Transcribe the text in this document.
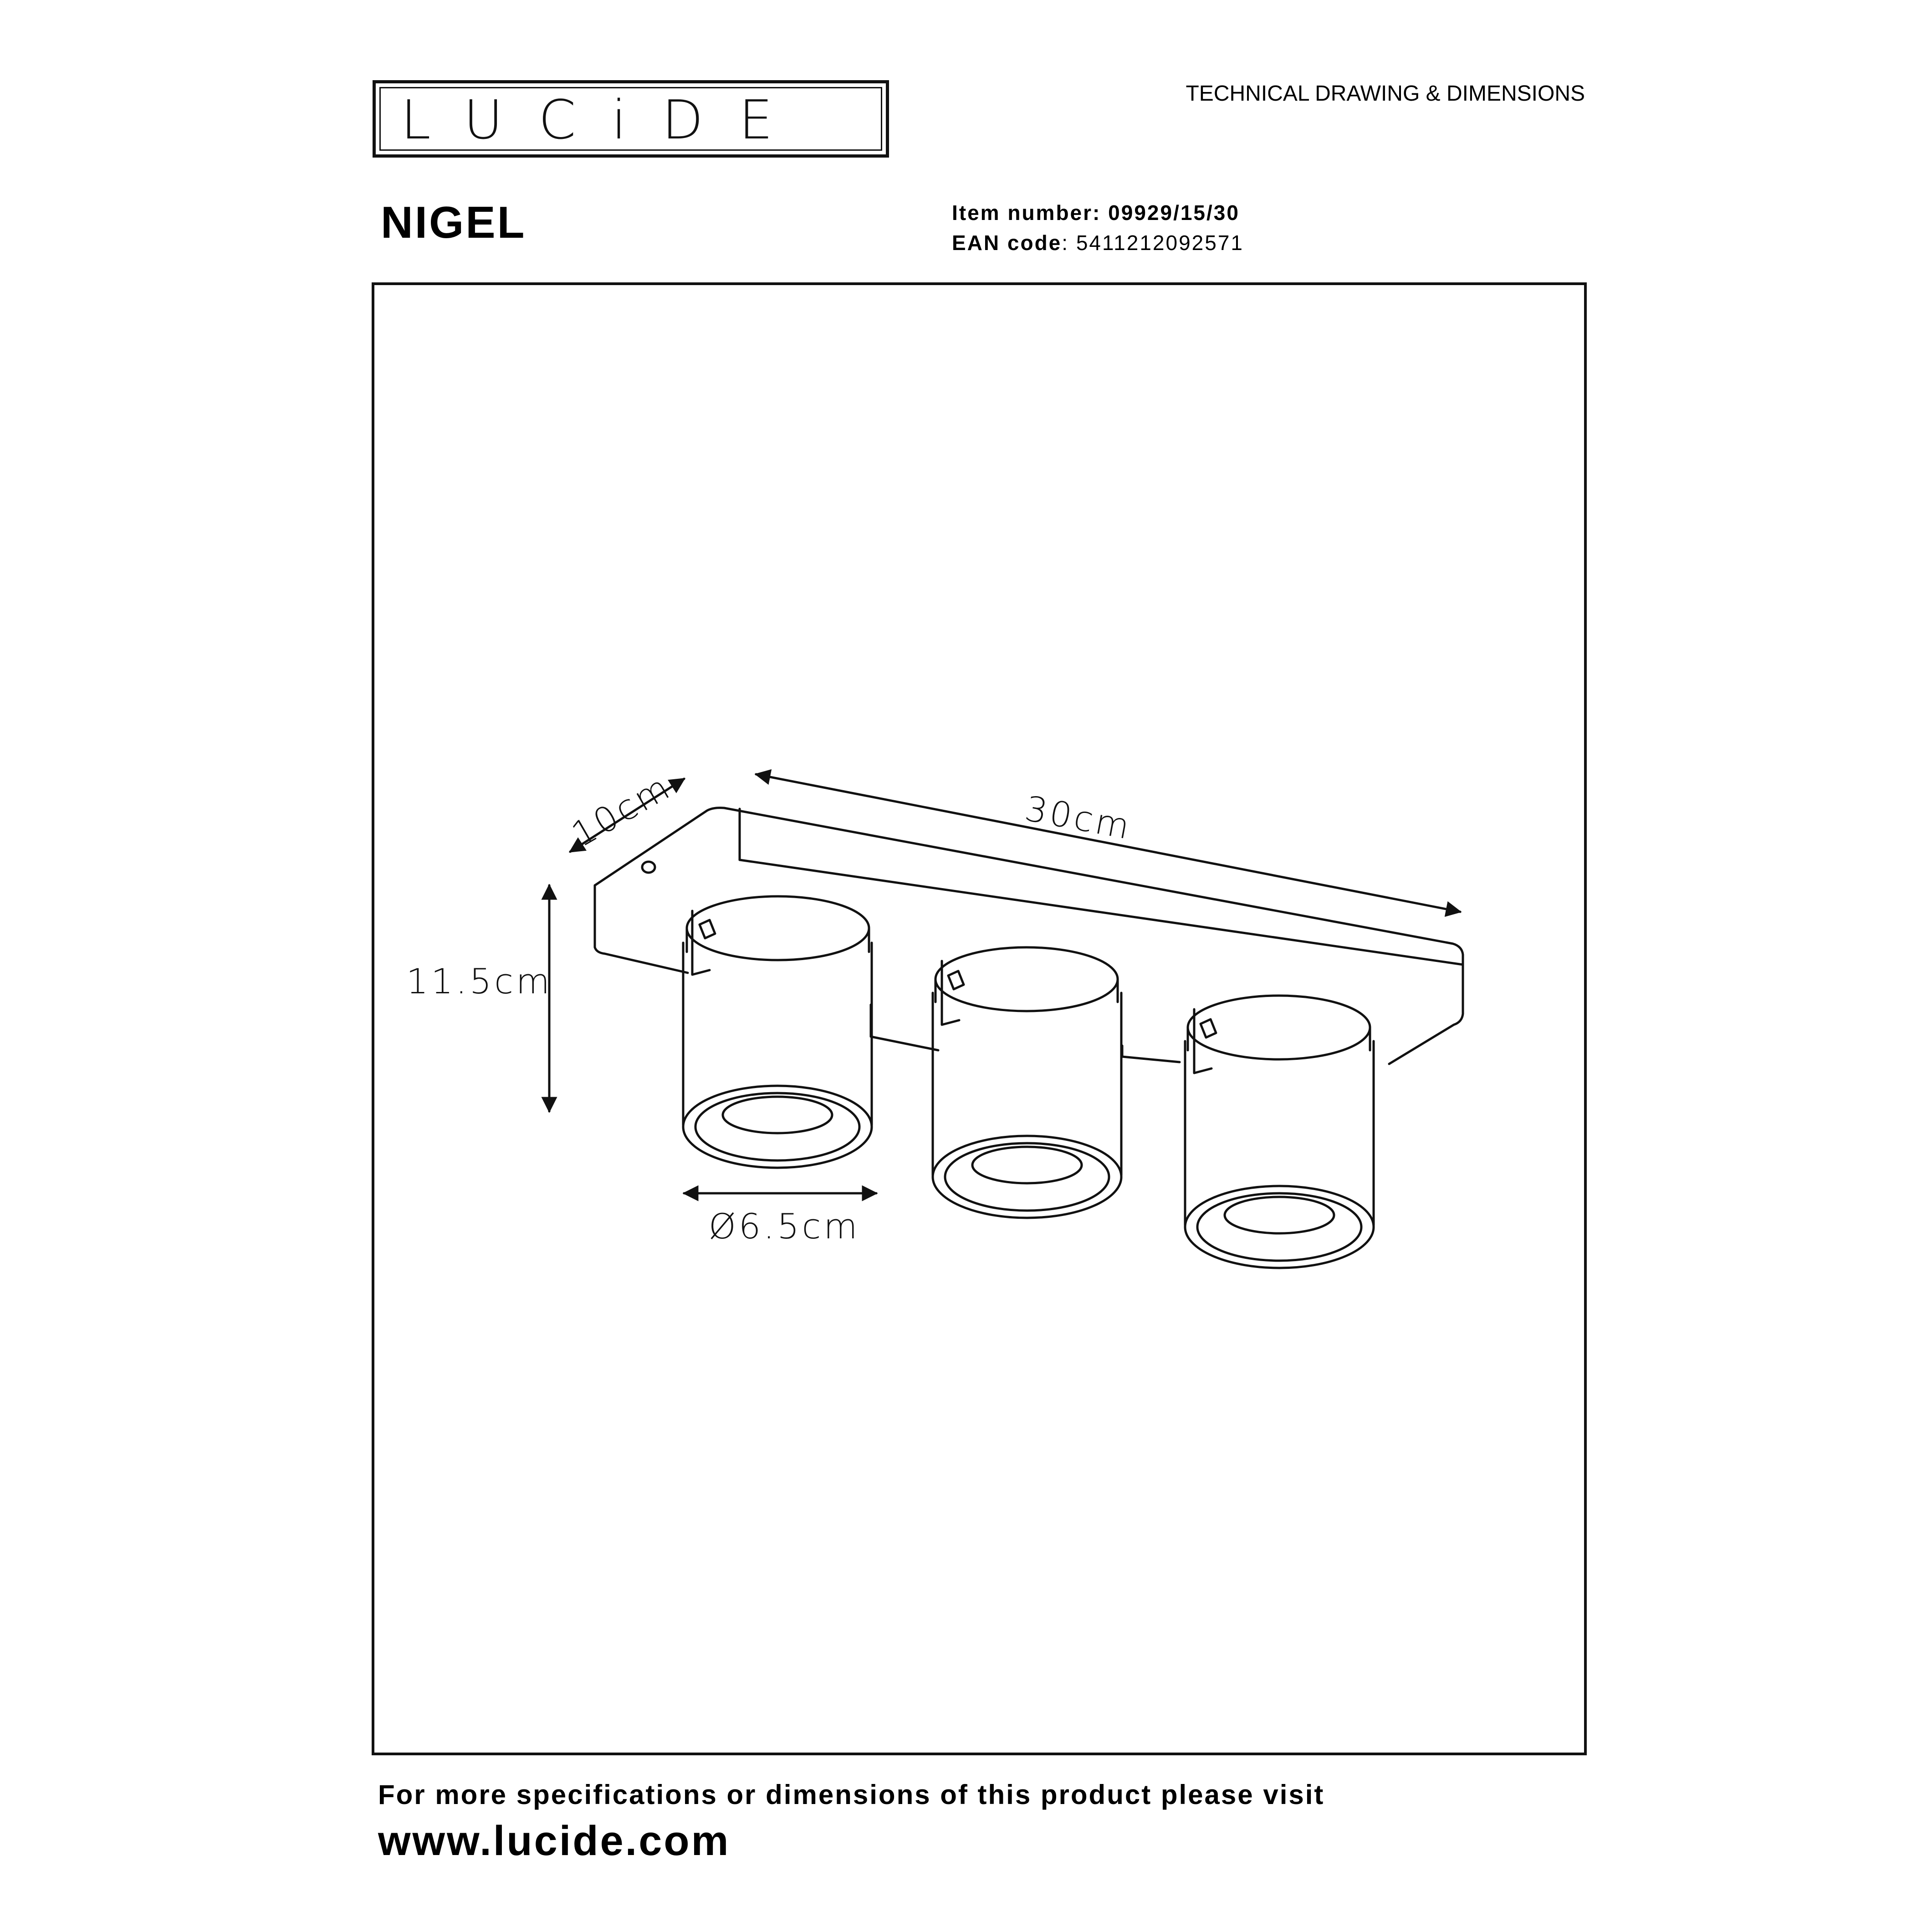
LUCiDE	TECHNICAL DRAWING & DIMENSIONS
NIGEL	Item number: 09929/15/30
EAN code: 5411212092571
30cm
10cm
11.5cm
Ø6.5cm
For more specifications or dimensions of this product please visit
www.lucide.com
